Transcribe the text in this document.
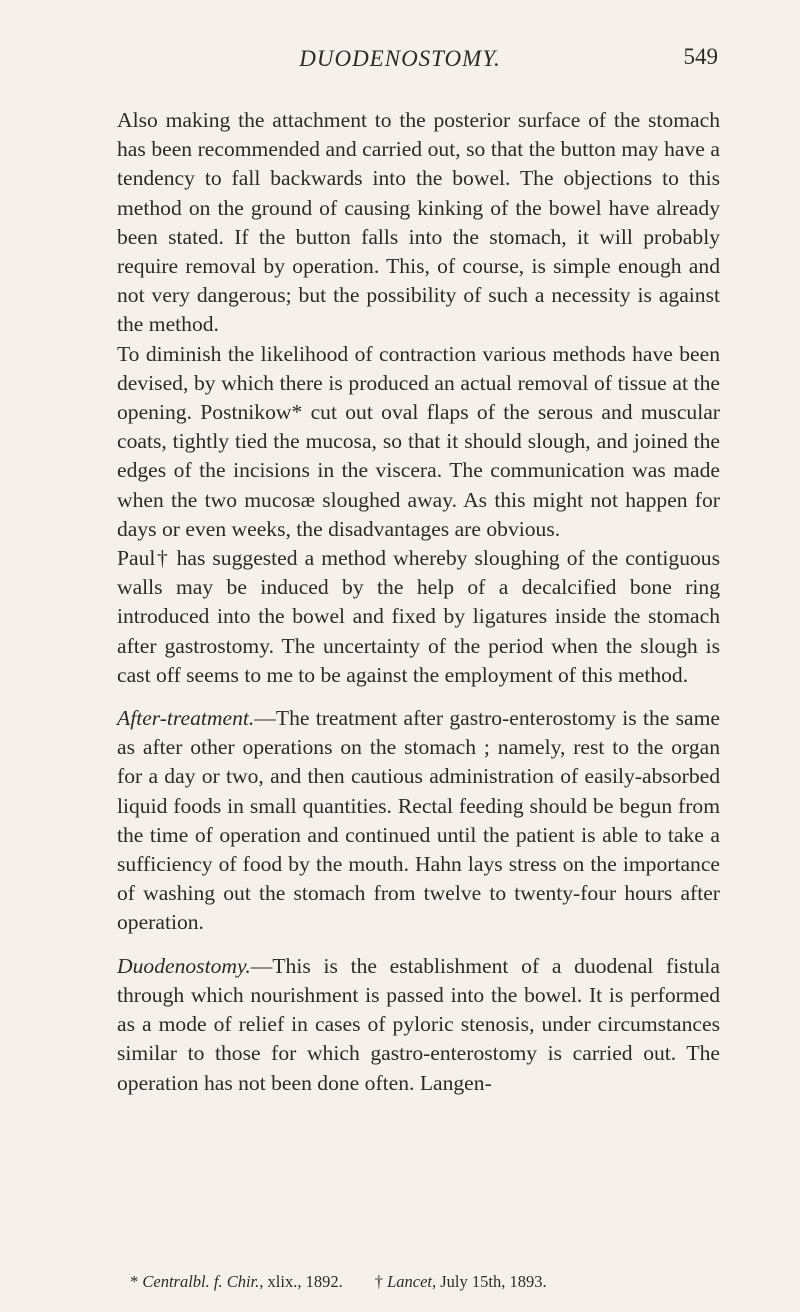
DUODENOSTOMY.	549

Also making the attachment to the posterior surface of the stomach has been recommended and carried out, so that the button may have a tendency to fall backwards into the bowel. The objections to this method on the ground of causing kinking of the bowel have already been stated. If the button falls into the stomach, it will probably require removal by operation. This, of course, is simple enough and not very dangerous; but the possibility of such a necessity is against the method.

To diminish the likelihood of contraction various methods have been devised, by which there is produced an actual removal of tissue at the opening. Postnikow* cut out oval flaps of the serous and muscular coats, tightly tied the mucosa, so that it should slough, and joined the edges of the incisions in the viscera. The communication was made when the two mucosæ sloughed away. As this might not happen for days or even weeks, the disadvantages are obvious.

Paul† has suggested a method whereby sloughing of the contiguous walls may be induced by the help of a decalcified bone ring introduced into the bowel and fixed by ligatures inside the stomach after gastrostomy. The uncertainty of the period when the slough is cast off seems to me to be against the employment of this method.

After-treatment.—The treatment after gastro-enterostomy is the same as after other operations on the stomach ; namely, rest to the organ for a day or two, and then cautious administration of easily-absorbed liquid foods in small quantities. Rectal feeding should be begun from the time of operation and continued until the patient is able to take a sufficiency of food by the mouth. Hahn lays stress on the importance of washing out the stomach from twelve to twenty-four hours after operation.

Duodenostomy.—This is the establishment of a duodenal fistula through which nourishment is passed into the bowel. It is performed as a mode of relief in cases of pyloric stenosis, under circumstances similar to those for which gastro-enterostomy is carried out. The operation has not been done often. Langen-

* Centralbl. f. Chir., xlix., 1892. † Lancet, July 15th, 1893.
